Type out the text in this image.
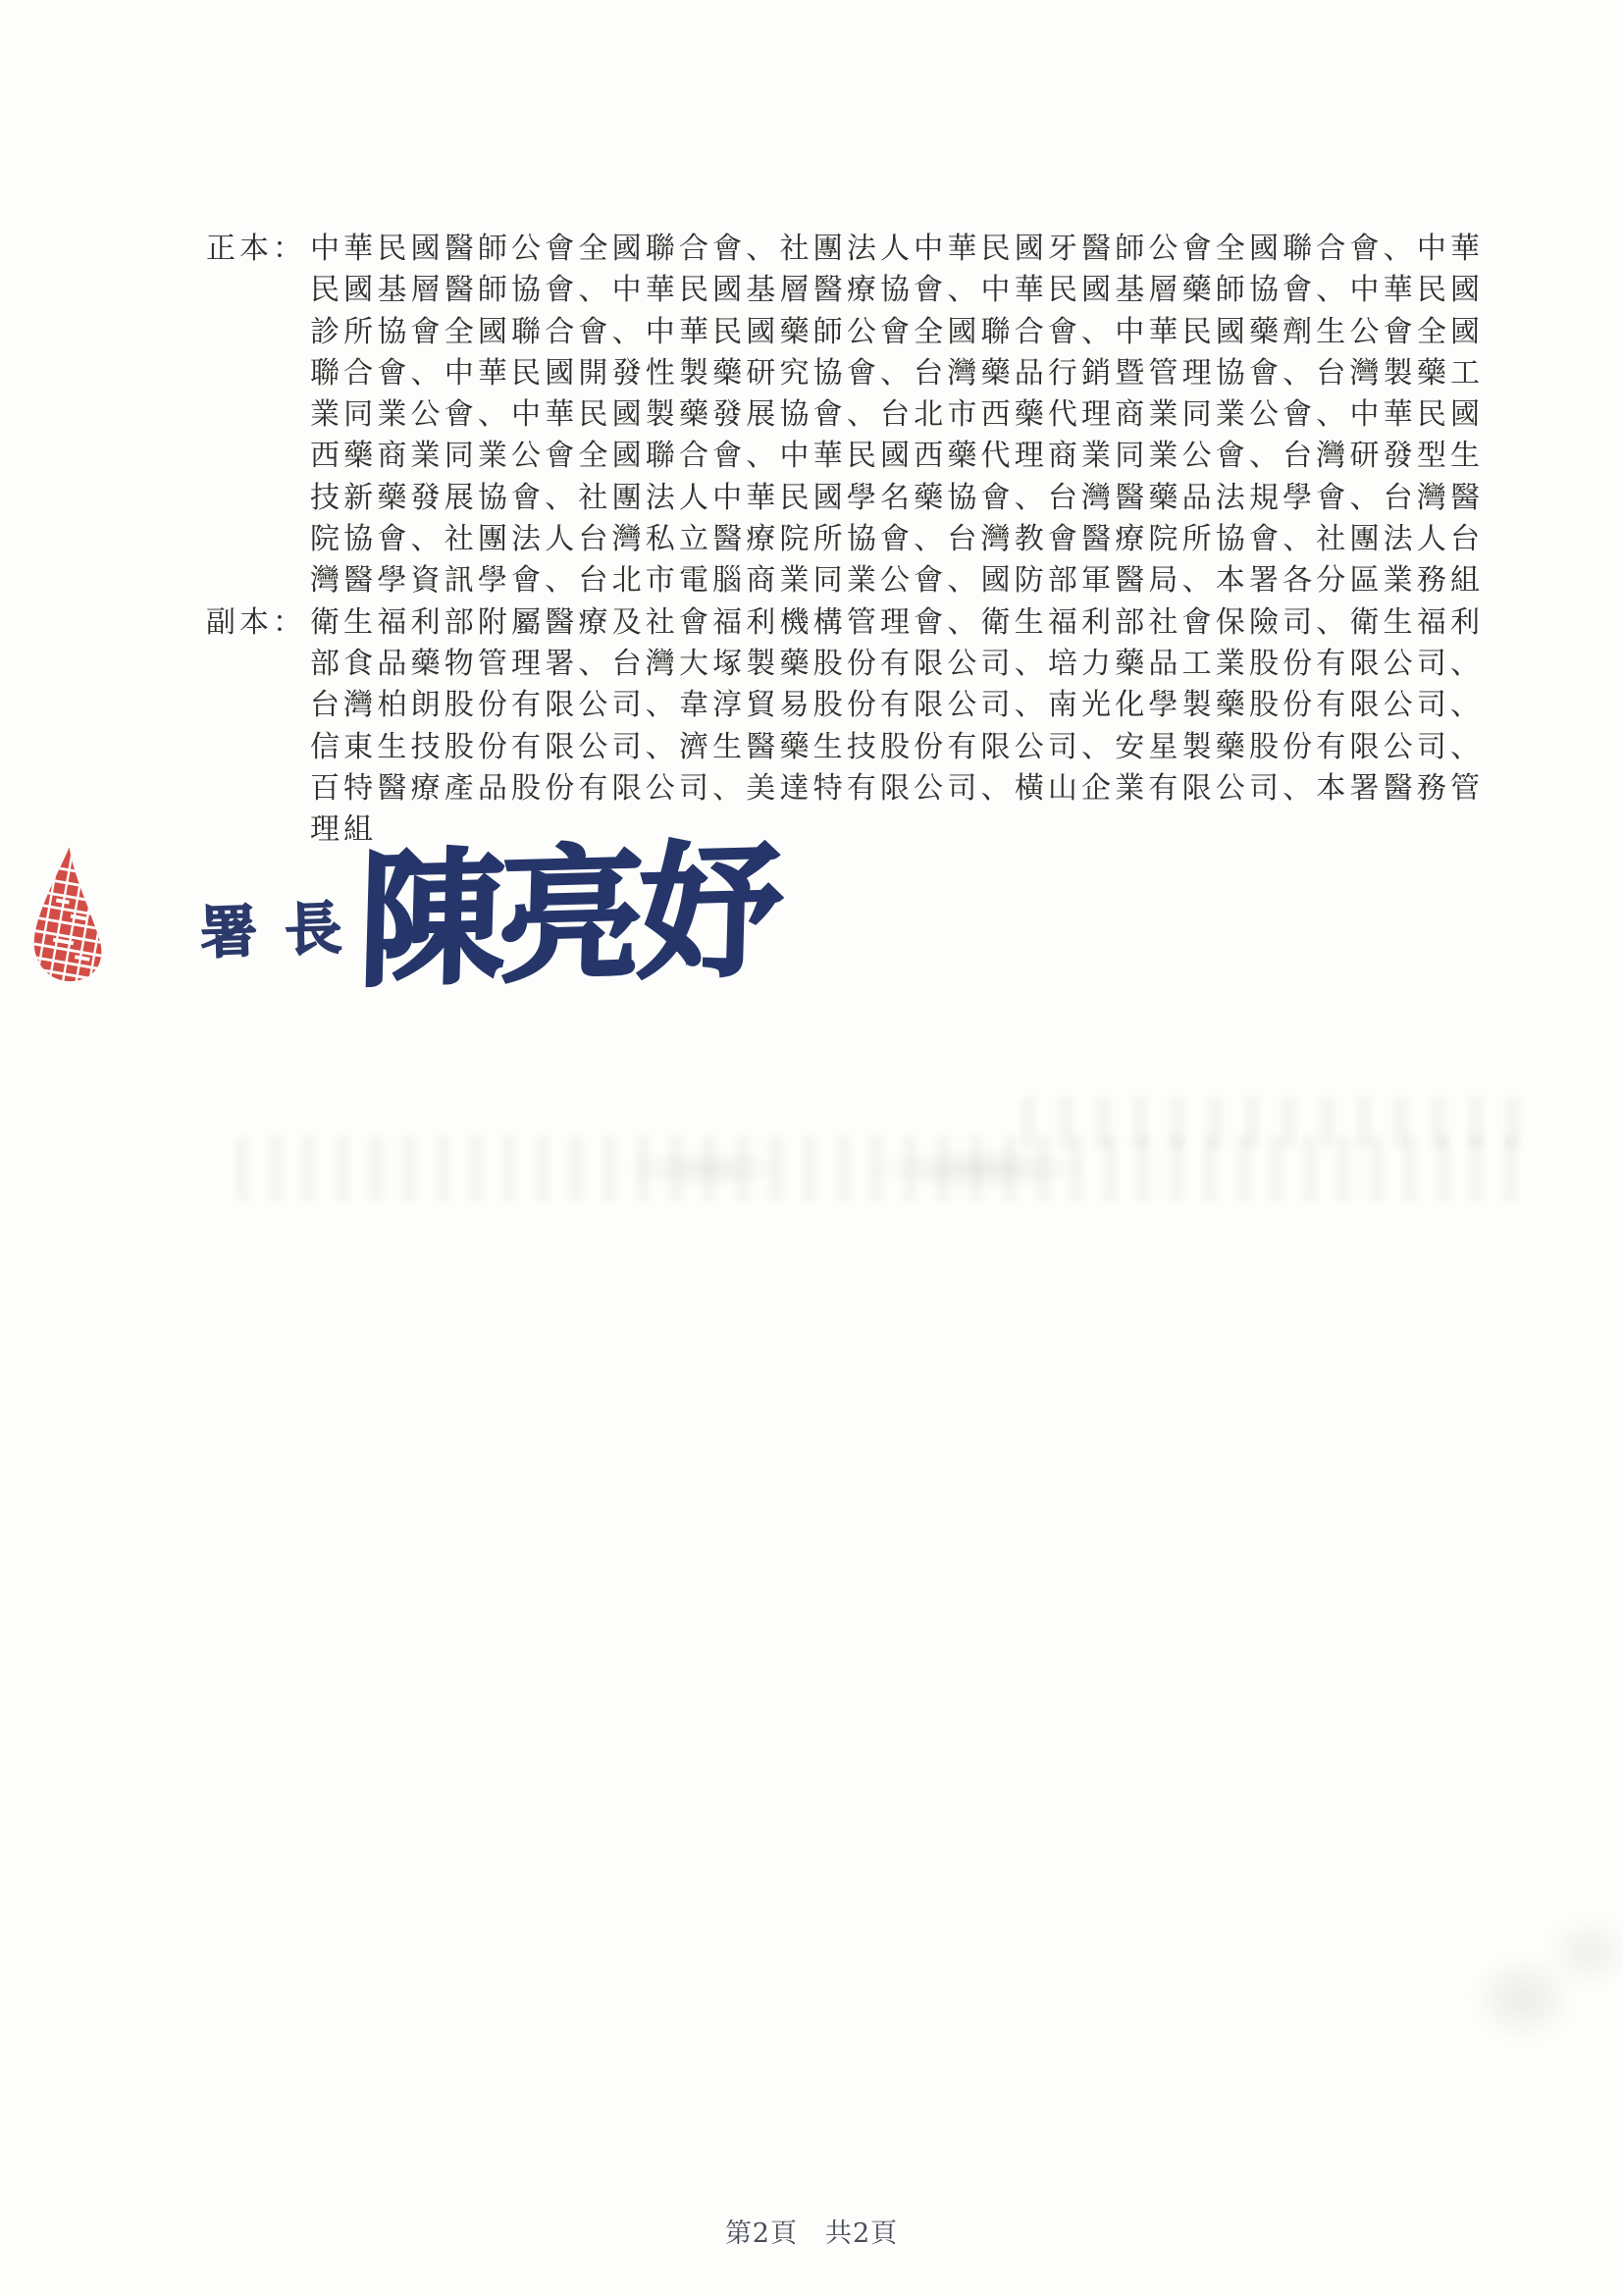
正本： 中華民國醫師公會全國聯合會、社團法人中華民國牙醫師公會全國聯合會、中華
民國基層醫師協會、中華民國基層醫療協會、中華民國基層藥師協會、中華民國
診所協會全國聯合會、中華民國藥師公會全國聯合會、中華民國藥劑生公會全國
聯合會、中華民國開發性製藥研究協會、台灣藥品行銷暨管理協會、台灣製藥工
業同業公會、中華民國製藥發展協會、台北市西藥代理商業同業公會、中華民國
西藥商業同業公會全國聯合會、中華民國西藥代理商業同業公會、台灣研發型生
技新藥發展協會、社團法人中華民國學名藥協會、台灣醫藥品法規學會、台灣醫
院協會、社團法人台灣私立醫療院所協會、台灣教會醫療院所協會、社團法人台
灣醫學資訊學會、台北市電腦商業同業公會、國防部軍醫局、本署各分區業務組
副本： 衛生福利部附屬醫療及社會福利機構管理會、衛生福利部社會保險司、衛生福利
部食品藥物管理署、台灣大塚製藥股份有限公司、培力藥品工業股份有限公司、
台灣柏朗股份有限公司、韋淳貿易股份有限公司、南光化學製藥股份有限公司、
信東生技股份有限公司、濟生醫藥生技股份有限公司、安星製藥股份有限公司、
百特醫療產品股份有限公司、美達特有限公司、橫山企業有限公司、本署醫務管
理組
署長
陳亮妤
第2頁　共2頁
